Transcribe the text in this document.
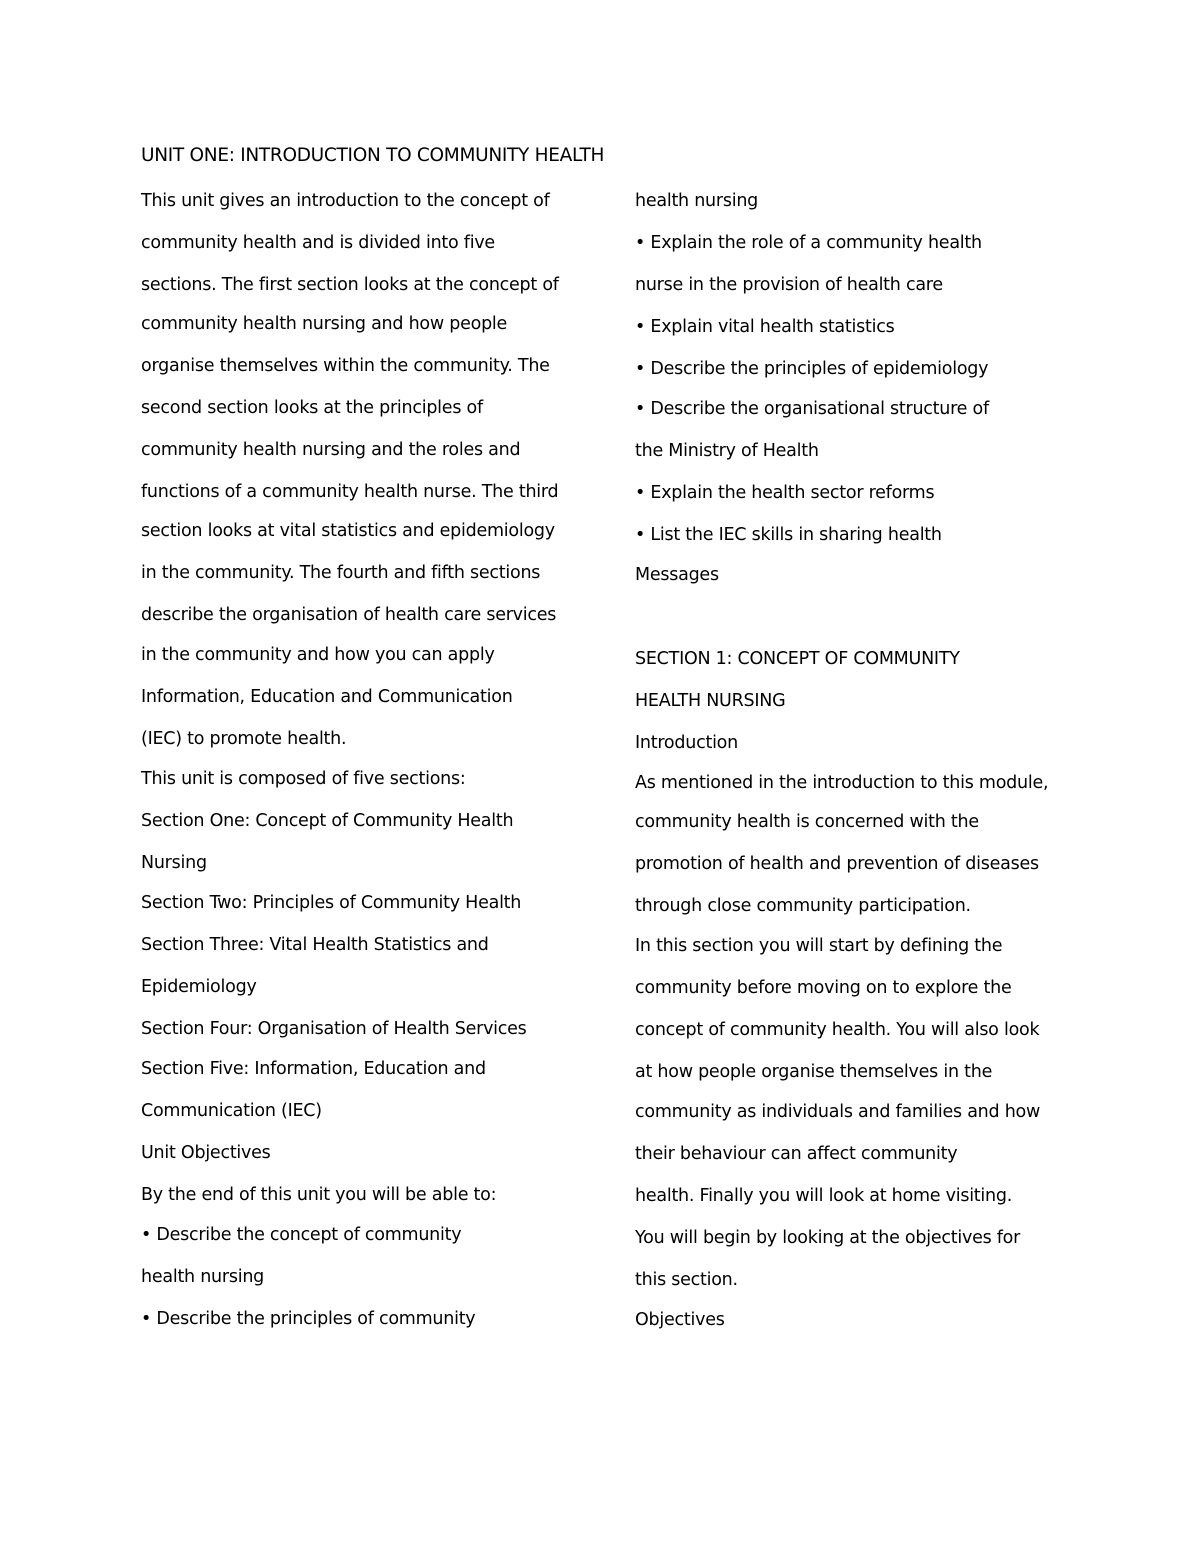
UNIT ONE: INTRODUCTION TO COMMUNITY HEALTH

This unit gives an introduction to the concept of

community health and is divided into five

sections. The first section looks at the concept of

community health nursing and how people

organise themselves within the community. The

second section looks at the principles of

community health nursing and the roles and

functions of a community health nurse. The third

section looks at vital statistics and epidemiology

in the community. The fourth and fifth sections

describe the organisation of health care services

in the community and how you can apply

Information, Education and Communication

(IEC) to promote health.

This unit is composed of five sections:

Section One: Concept of Community Health

Nursing

Section Two: Principles of Community Health

Section Three: Vital Health Statistics and

Epidemiology

Section Four: Organisation of Health Services

Section Five: Information, Education and

Communication (IEC)

Unit Objectives

By the end of this unit you will be able to:

• Describe the concept of community

health nursing

• Describe the principles of community

health nursing

• Explain the role of a community health

nurse in the provision of health care

• Explain vital health statistics

• Describe the principles of epidemiology

• Describe the organisational structure of

the Ministry of Health

• Explain the health sector reforms

• List the IEC skills in sharing health

Messages

SECTION 1: CONCEPT OF COMMUNITY

HEALTH NURSING

Introduction

As mentioned in the introduction to this module,

community health is concerned with the

promotion of health and prevention of diseases

through close community participation.

In this section you will start by defining the

community before moving on to explore the

concept of community health. You will also look

at how people organise themselves in the

community as individuals and families and how

their behaviour can affect community

health. Finally you will look at home visiting.

You will begin by looking at the objectives for

this section.

Objectives
